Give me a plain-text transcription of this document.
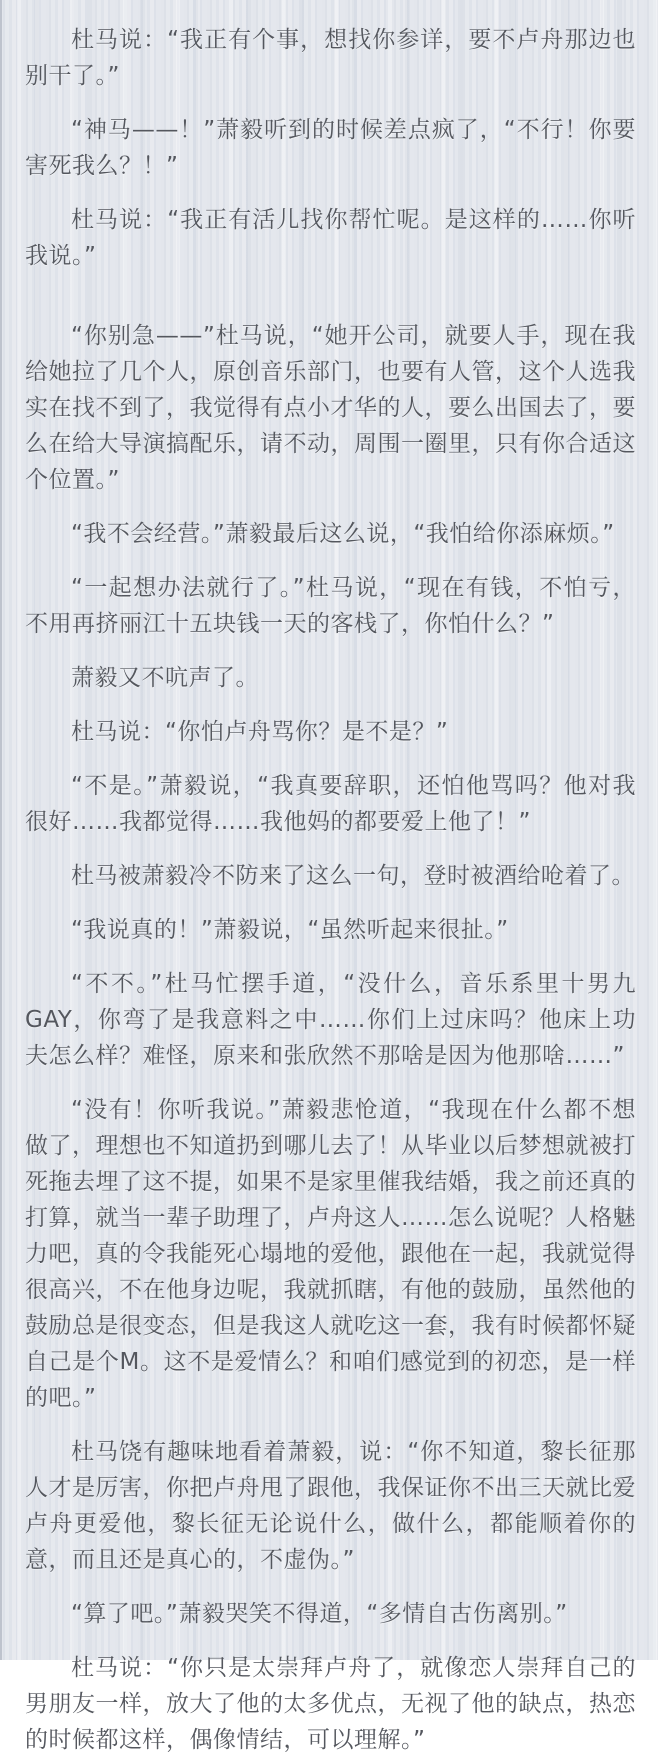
杜马说：“我正有个事，想找你参详，要不卢舟那边也别干了。”

“神马——！”萧毅听到的时候差点疯了，“不行！你要害死我么？！”

杜马说：“我正有活儿找你帮忙呢。是这样的……你听我说。”

“你别急——”杜马说，“她开公司，就要人手，现在我给她拉了几个人，原创音乐部门，也要有人管，这个人选我实在找不到了，我觉得有点小才华的人，要么出国去了，要么在给大导演搞配乐，请不动，周围一圈里，只有你合适这个位置。”

“我不会经营。”萧毅最后这么说，“我怕给你添麻烦。”

“一起想办法就行了。”杜马说，“现在有钱，不怕亏，不用再挤丽江十五块钱一天的客栈了，你怕什么？”

萧毅又不吭声了。

杜马说：“你怕卢舟骂你？是不是？”

“不是。”萧毅说，“我真要辞职，还怕他骂吗？他对我很好……我都觉得……我他妈的都要爱上他了！”

杜马被萧毅冷不防来了这么一句，登时被酒给呛着了。

“我说真的！”萧毅说，“虽然听起来很扯。”

“不不。”杜马忙摆手道，“没什么，音乐系里十男九GAY，你弯了是我意料之中……你们上过床吗？他床上功夫怎么样？难怪，原来和张欣然不那啥是因为他那啥……”

“没有！你听我说。”萧毅悲怆道，“我现在什么都不想做了，理想也不知道扔到哪儿去了！从毕业以后梦想就被打死拖去埋了这不提，如果不是家里催我结婚，我之前还真的打算，就当一辈子助理了，卢舟这人……怎么说呢？人格魅力吧，真的令我能死心塌地的爱他，跟他在一起，我就觉得很高兴，不在他身边呢，我就抓瞎，有他的鼓励，虽然他的鼓励总是很变态，但是我这人就吃这一套，我有时候都怀疑自己是个M。这不是爱情么？和咱们感觉到的初恋，是一样的吧。”

杜马饶有趣味地看着萧毅，说：“你不知道，黎长征那人才是厉害，你把卢舟甩了跟他，我保证你不出三天就比爱卢舟更爱他，黎长征无论说什么，做什么，都能顺着你的意，而且还是真心的，不虚伪。”

“算了吧。”萧毅哭笑不得道，“多情自古伤离别。”

杜马说：“你只是太崇拜卢舟了，就像恋人崇拜自己的男朋友一样，放大了他的太多优点，无视了他的缺点，热恋的时候都这样，偶像情结，可以理解。”
